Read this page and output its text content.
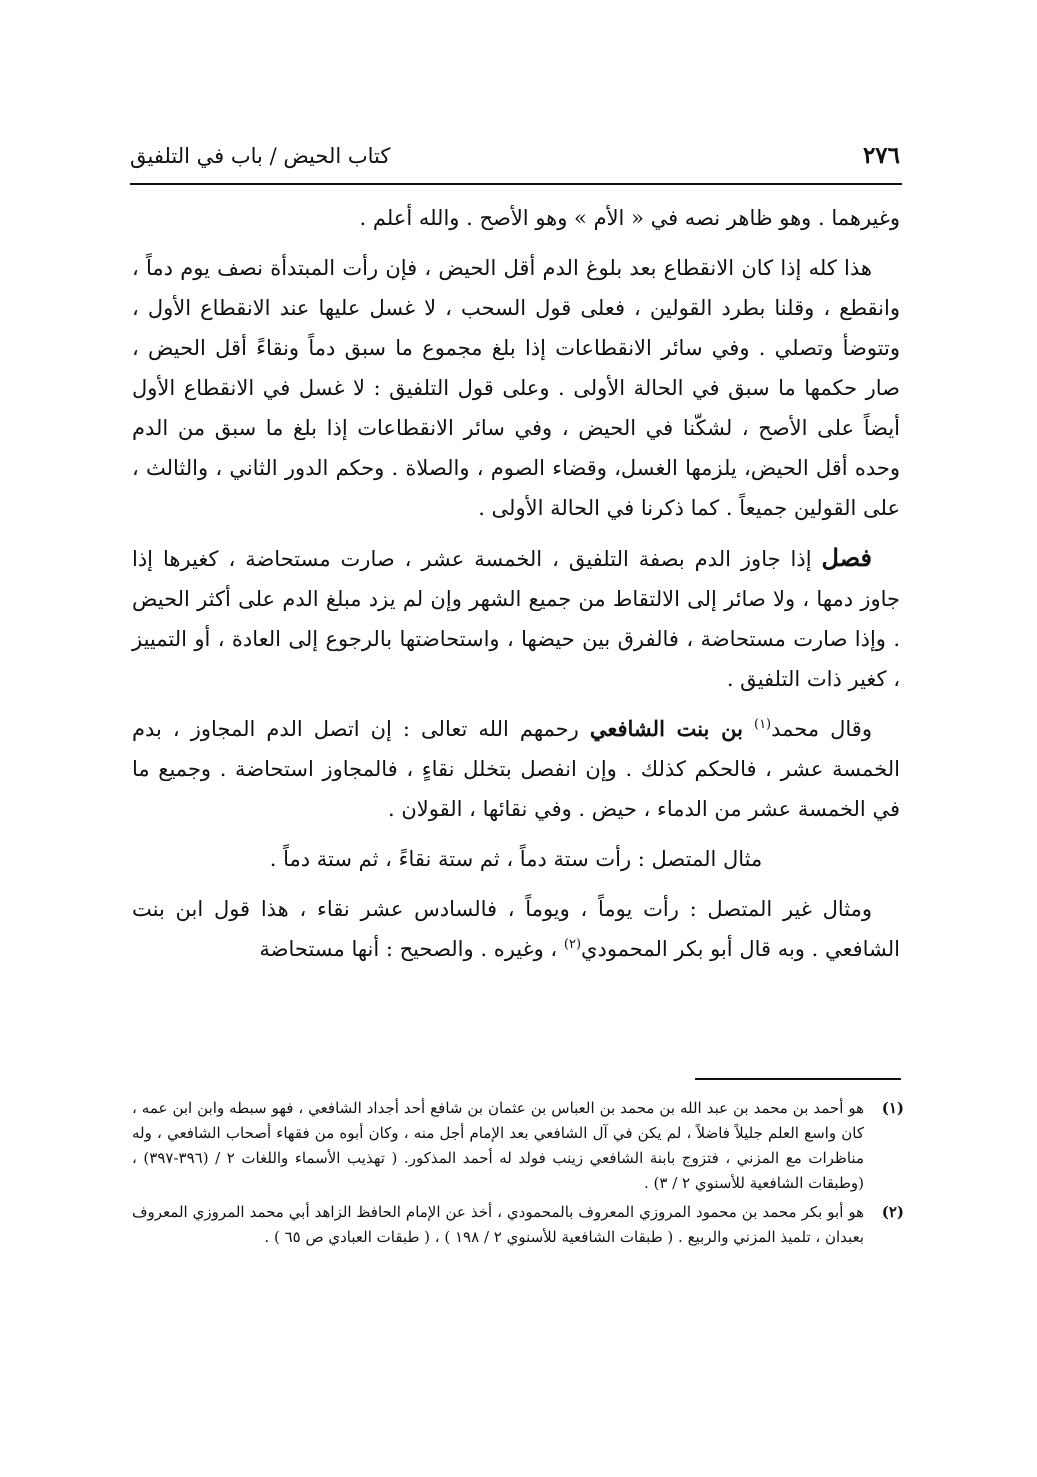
٢٧٦
كتاب الحيض / باب في التلفيق

وغيرهما . وهو ظاهر نصه في « الأم » وهو الأصح . والله أعلم .

هذا كله إذا كان الانقطاع بعد بلوغ الدم أقل الحيض ، فإن رأت المبتدأة نصف يوم دماً ، وانقطع ، وقلنا بطرد القولين ، فعلى قول السحب ، لا غسل عليها عند الانقطاع الأول ، وتتوضأ وتصلي . وفي سائر الانقطاعات إذا بلغ مجموع ما سبق دماً ونقاءً أقل الحيض ، صار حكمها ما سبق في الحالة الأولى . وعلى قول التلفيق : لا غسل في الانقطاع الأول أيضاً على الأصح ، لشكّنا في الحيض ، وفي سائر الانقطاعات إذا بلغ ما سبق من الدم وحده أقل الحيض، يلزمها الغسل، وقضاء الصوم ، والصلاة . وحكم الدور الثاني ، والثالث ، على القولين جميعاً . كما ذكرنا في الحالة الأولى .

فصل إذا جاوز الدم بصفة التلفيق ، الخمسة عشر ، صارت مستحاضة ، كغيرها إذا جاوز دمها ، ولا صائر إلى الالتقاط من جميع الشهر وإن لم يزد مبلغ الدم على أكثر الحيض . وإذا صارت مستحاضة ، فالفرق بين حيضها ، واستحاضتها بالرجوع إلى العادة ، أو التمييز ، كغير ذات التلفيق .

وقال محمد$^{(١)}$ بن بنت الشافعي رحمهم الله تعالى : إن اتصل الدم المجاوز ، بدم الخمسة عشر ، فالحكم كذلك . وإن انفصل بتخلل نقاءٍ ، فالمجاوز استحاضة . وجميع ما في الخمسة عشر من الدماء ، حيض . وفي نقائها ، القولان .

مثال المتصل : رأت ستة دماً ، ثم ستة نقاءً ، ثم ستة دماً .

ومثال غير المتصل : رأت يوماً ، ويوماً ، فالسادس عشر نقاء ، هذا قول ابن بنت الشافعي . وبه قال أبو بكر المحمودي$^{(٢)}$ ، وغيره . والصحيح : أنها مستحاضة

(١)
هو أحمد بن محمد بن عبد الله بن محمد بن العباس بن عثمان بن شافع أحد أجداد الشافعي ، فهو سبطه وابن ابن عمه ، كان واسع العلم جليلاً فاضلاً ، لم يكن في آل الشافعي بعد الإمام أجل منه ، وكان أبوه من فقهاء أصحاب الشافعي ، وله مناظرات مع المزني ، فتزوج بابنة الشافعي زينب فولد له أحمد المذكور. ( تهذيب الأسماء واللغات ٢ / (٣٩٦-٣٩٧) ، (وطبقات الشافعية للأسنوي ٢ / ٣) .
(٢)
هو أبو بكر محمد بن محمود المروزي المعروف بالمحمودي ، أخذ عن الإمام الحافظ الزاهد أبي محمد المروزي المعروف بعبدان ، تلميذ المزني والربيع . ( طبقات الشافعية للأسنوي ٢ / ١٩٨ ) ، ( طبقات العبادي ص ٦٥ ) .
